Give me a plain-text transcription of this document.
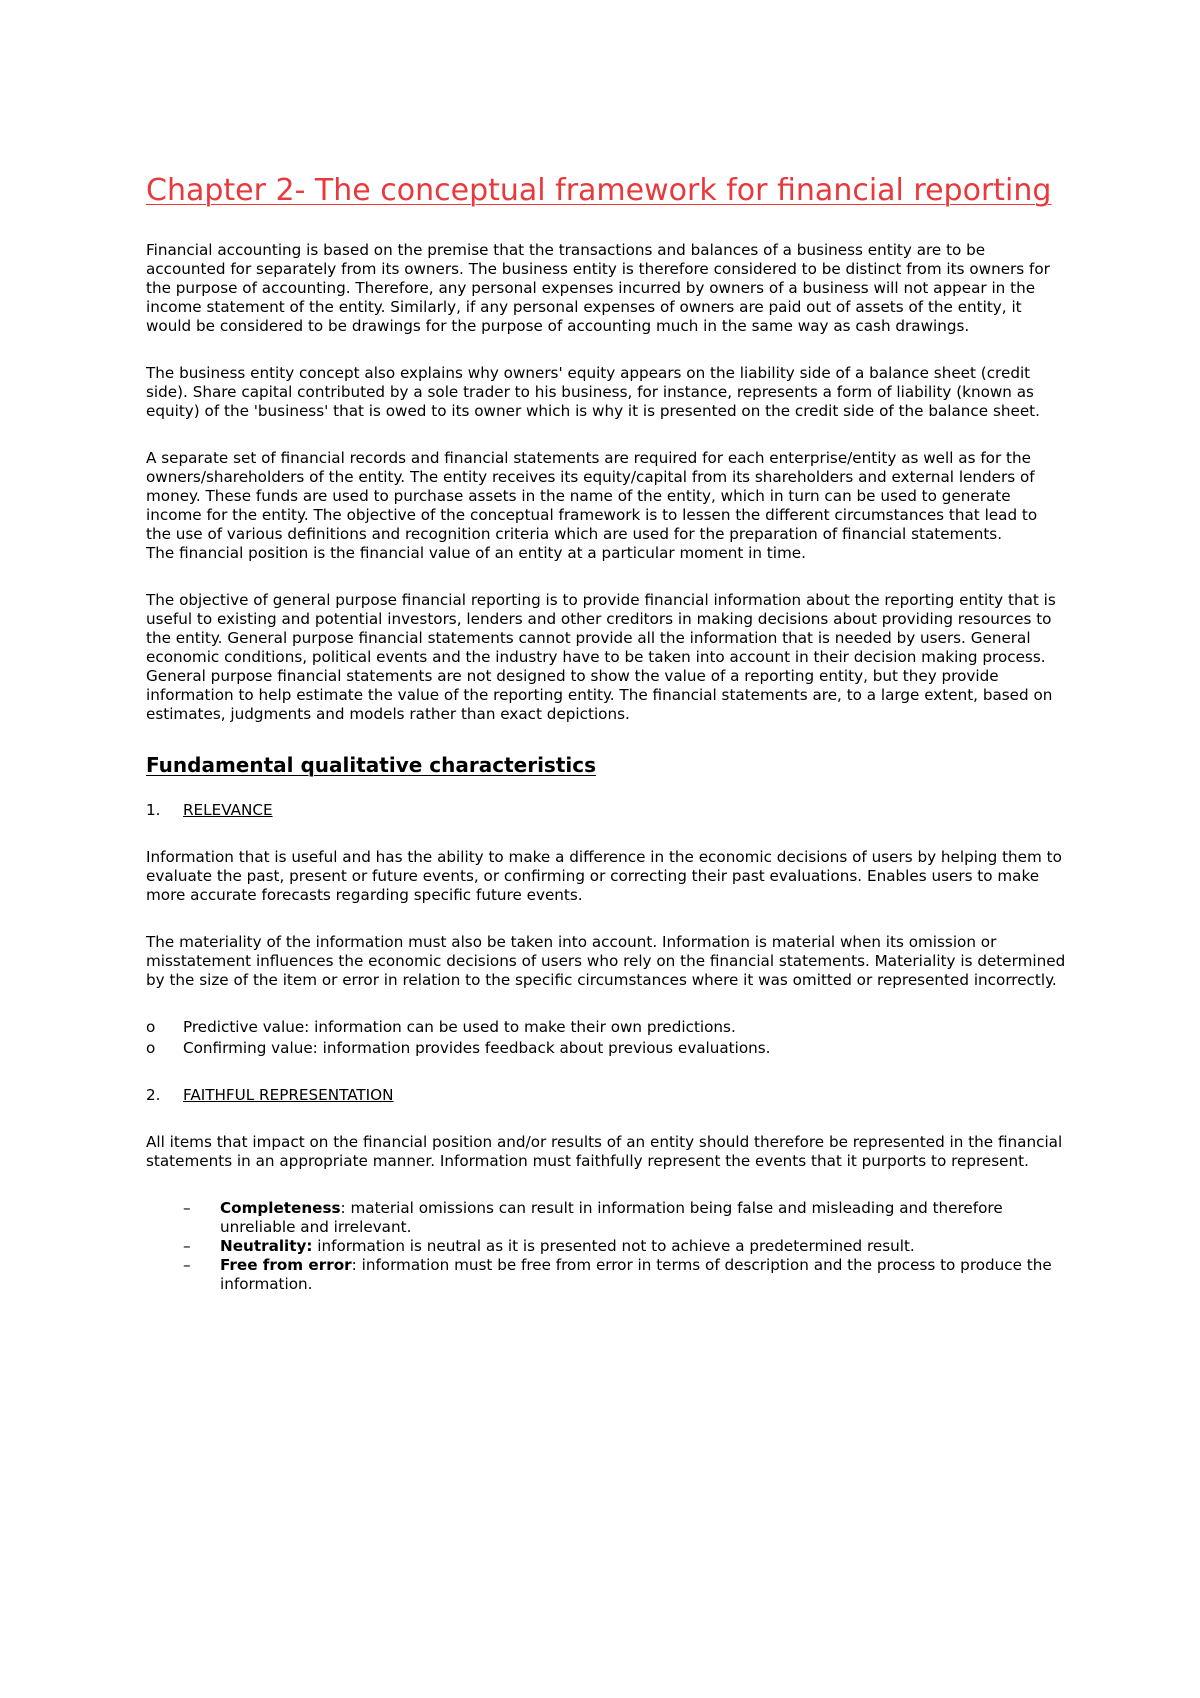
Chapter 2- The conceptual framework for financial reporting

Financial accounting is based on the premise that the transactions and balances of a business entity are to be accounted for separately from its owners. The business entity is therefore considered to be distinct from its owners for the purpose of accounting. Therefore, any personal expenses incurred by owners of a business will not appear in the income statement of the entity. Similarly, if any personal expenses of owners are paid out of assets of the entity, it would be considered to be drawings for the purpose of accounting much in the same way as cash drawings.

The business entity concept also explains why owners' equity appears on the liability side of a balance sheet (credit side). Share capital contributed by a sole trader to his business, for instance, represents a form of liability (known as equity) of the 'business' that is owed to its owner which is why it is presented on the credit side of the balance sheet.

A separate set of financial records and financial statements are required for each enterprise/entity as well as for the owners/shareholders of the entity. The entity receives its equity/capital from its shareholders and external lenders of money. These funds are used to purchase assets in the name of the entity, which in turn can be used to generate income for the entity. The objective of the conceptual framework is to lessen the different circumstances that lead to the use of various definitions and recognition criteria which are used for the preparation of financial statements.
The financial position is the financial value of an entity at a particular moment in time.

The objective of general purpose financial reporting is to provide financial information about the reporting entity that is useful to existing and potential investors, lenders and other creditors in making decisions about providing resources to the entity. General purpose financial statements cannot provide all the information that is needed by users. General economic conditions, political events and the industry have to be taken into account in their decision making process.
General purpose financial statements are not designed to show the value of a reporting entity, but they provide information to help estimate the value of the reporting entity. The financial statements are, to a large extent, based on estimates, judgments and models rather than exact depictions.

Fundamental qualitative characteristics
1. RELEVANCE

Information that is useful and has the ability to make a difference in the economic decisions of users by helping them to evaluate the past, present or future events, or confirming or correcting their past evaluations. Enables users to make more accurate forecasts regarding specific future events.

The materiality of the information must also be taken into account. Information is material when its omission or misstatement influences the economic decisions of users who rely on the financial statements. Materiality is determined by the size of the item or error in relation to the specific circumstances where it was omitted or represented incorrectly.

o Predictive value: information can be used to make their own predictions.
o Confirming value: information provides feedback about previous evaluations.
2. FAITHFUL REPRESENTATION

All items that impact on the financial position and/or results of an entity should therefore be represented in the financial statements in an appropriate manner. Information must faithfully represent the events that it purports to represent.

– Completeness: material omissions can result in information being false and misleading and therefore unreliable and irrelevant.
– Neutrality: information is neutral as it is presented not to achieve a predetermined result.
– Free from error: information must be free from error in terms of description and the process to produce the information.
